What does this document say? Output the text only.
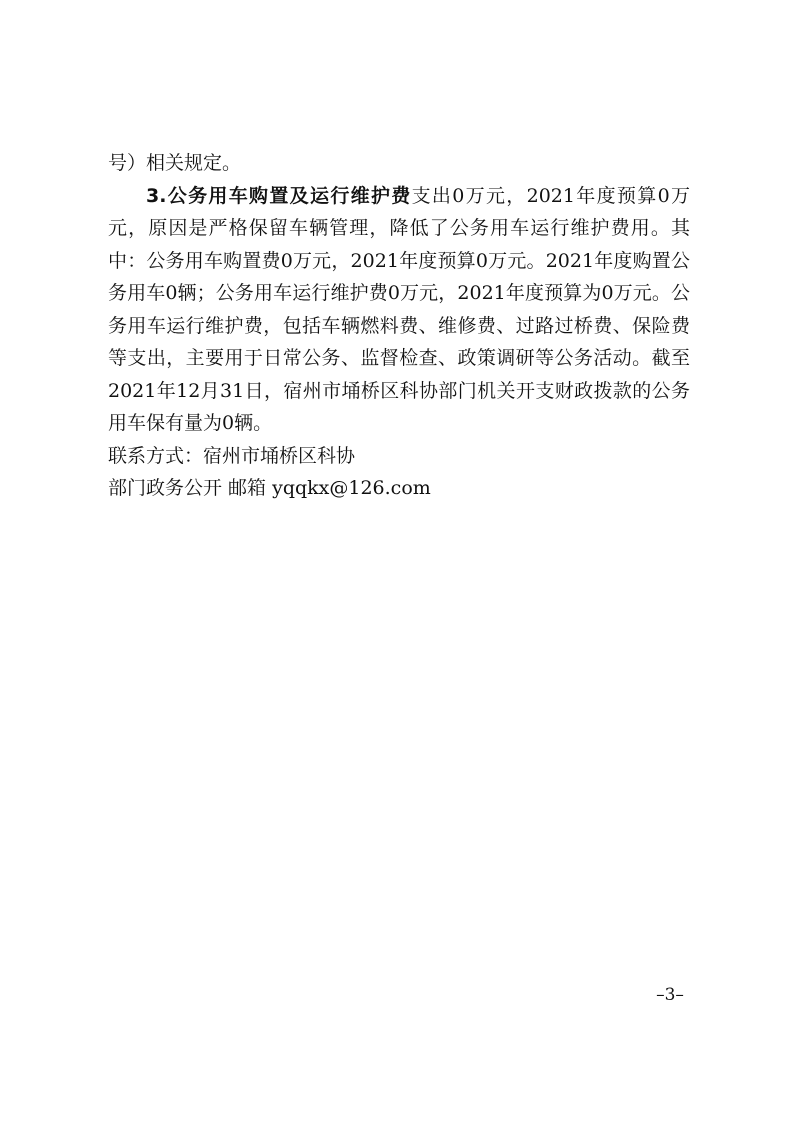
号）相关规定。

3.公务用车购置及运行维护费支出0万元，2021年度预算0万元，原因是严格保留车辆管理，降低了公务用车运行维护费用。其中：公务用车购置费0万元，2021年度预算0万元。2021年度购置公务用车0辆；公务用车运行维护费0万元，2021年度预算为0万元。公务用车运行维护费，包括车辆燃料费、维修费、过路过桥费、保险费等支出，主要用于日常公务、监督检查、政策调研等公务活动。截至2021年12月31日，宿州市埇桥区科协部门机关开支财政拨款的公务用车保有量为0辆。

联系方式：宿州市埇桥区科协

部门政务公开 邮箱 yqqkx@126.com

–3–
